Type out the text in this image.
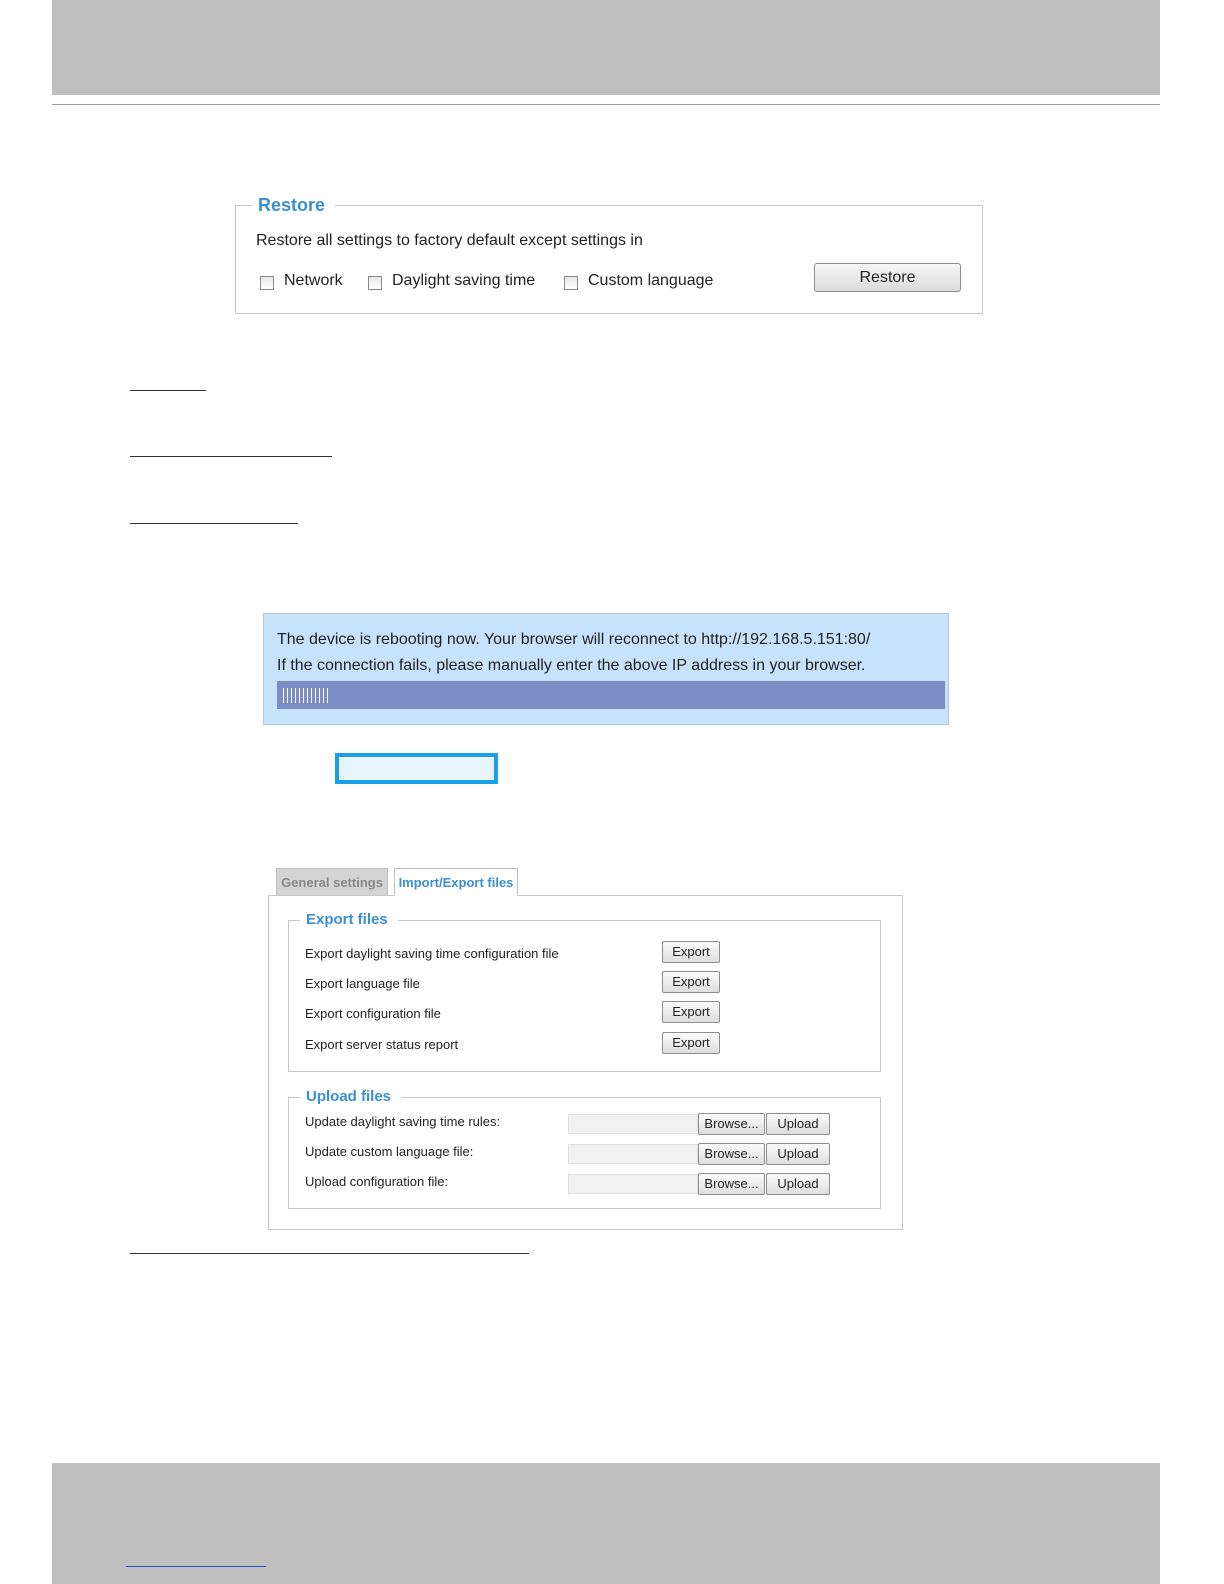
Restore
Restore all settings to factory default except settings in
Network	Daylight saving time	Custom language	Restore
The device is rebooting now. Your browser will reconnect to http://192.168.5.151:80/
If the connection fails, please manually enter the above IP address in your browser.
General settings	Import/Export files
Export files
Export daylight saving time configuration file	Export
Export language file	Export
Export configuration file	Export
Export server status report	Export
Upload files
Update daylight saving time rules:	Browse...	Upload
Update custom language file:	Browse...	Upload
Upload configuration file:	Browse...	Upload
